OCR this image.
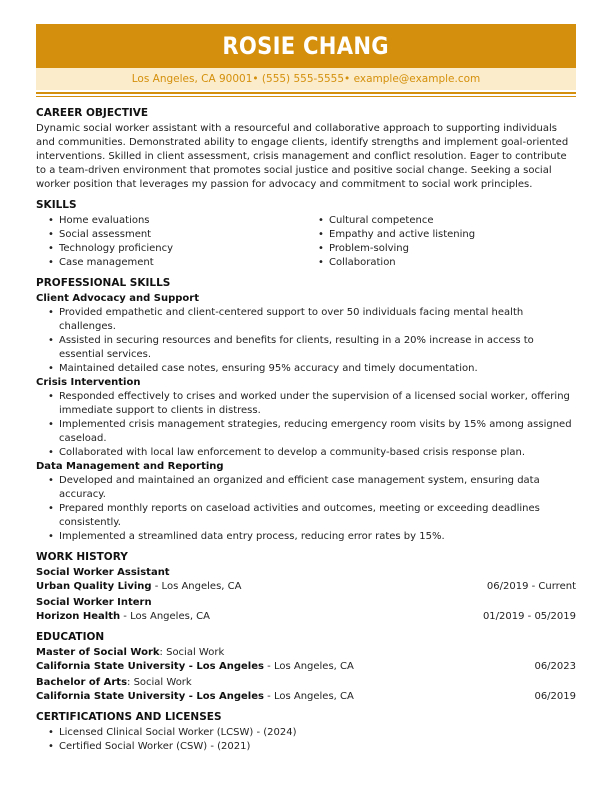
ROSIE CHANG
Los Angeles, CA 90001 •
(555) 555-5555 •
example@example.com
CAREER OBJECTIVE
Dynamic social worker assistant with a resourceful and collaborative approach to supporting individuals and communities. Demonstrated ability to engage clients, identify strengths and implement goal-oriented interventions. Skilled in client assessment, crisis management and conflict resolution. Eager to contribute to a team-driven environment that promotes social justice and positive social change. Seeking a social worker position that leverages my passion for advocacy and commitment to social work principles.
SKILLS
• Home evaluations
• Social assessment
• Technology proficiency
• Case management
• Cultural competence
• Empathy and active listening
• Problem-solving
• Collaboration
PROFESSIONAL SKILLS
Client Advocacy and Support
• Provided empathetic and client-centered support to over 50 individuals facing mental health challenges.
• Assisted in securing resources and benefits for clients, resulting in a 20% increase in access to essential services.
• Maintained detailed case notes, ensuring 95% accuracy and timely documentation.
Crisis Intervention
• Responded effectively to crises and worked under the supervision of a licensed social worker, offering immediate support to clients in distress.
• Implemented crisis management strategies, reducing emergency room visits by 15% among assigned caseload.
• Collaborated with local law enforcement to develop a community-based crisis response plan.
Data Management and Reporting
• Developed and maintained an organized and efficient case management system, ensuring data accuracy.
• Prepared monthly reports on caseload activities and outcomes, meeting or exceeding deadlines consistently.
• Implemented a streamlined data entry process, reducing error rates by 15%.
WORK HISTORY
Social Worker Assistant
Urban Quality Living - Los Angeles, CA	06/2019 - Current
Social Worker Intern
Horizon Health - Los Angeles, CA	01/2019 - 05/2019
EDUCATION
Master of Social Work: Social Work
California State University - Los Angeles - Los Angeles, CA	06/2023
Bachelor of Arts: Social Work
California State University - Los Angeles - Los Angeles, CA	06/2019
CERTIFICATIONS AND LICENSES
• Licensed Clinical Social Worker (LCSW) - (2024)
• Certified Social Worker (CSW) - (2021)
